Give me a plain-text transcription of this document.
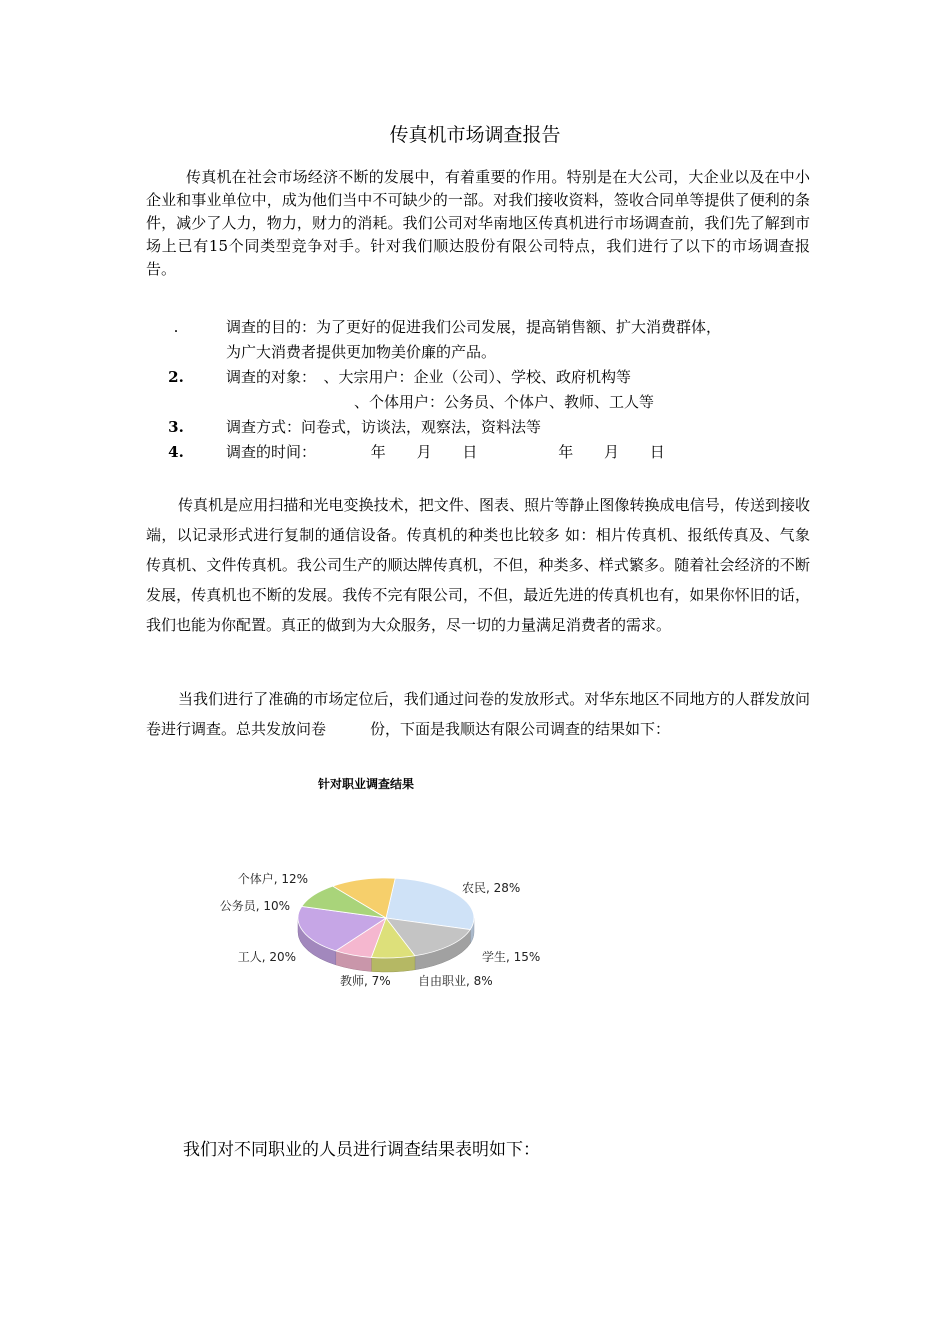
传真机市场调查报告
传真机在社会市场经济不断的发展中，有着重要的作用。特别是在大公司，大企业以及在中小企业和事业单位中，成为他们当中不可缺少的一部。对我们接收资料，签收合同单等提供了便利的条件，减少了人力，物力，财力的消耗。我们公司对华南地区传真机进行市场调查前，我们先了解到市场上已有15个同类型竞争对手。针对我们顺达股份有限公司特点，我们进行了以下的市场调查报告。
.	调查的目的：为了更好的促进我们公司发展，提高销售额、扩大消费群体，
为广大消费者提供更加物美价廉的产品。
2.	调查的对象：　、大宗用户：企业（公司）、学校、政府机构等
、个体用户：公务员、个体户、教师、工人等
3.	调查方式：问卷式，访谈法，观察法，资料法等
4.	调查的时间：	年 月 日	年 月 日
传真机是应用扫描和光电变换技术，把文件、图表、照片等静止图像转换成电信号，传送到接收端，以记录形式进行复制的通信设备。传真机的种类也比较多 如：相片传真机、报纸传真及、气象传真机、文件传真机。我公司生产的顺达牌传真机，不但，种类多、样式繁多。随着社会经济的不断发展，传真机也不断的发展。我传不完有限公司，不但，最近先进的传真机也有，如果你怀旧的话，我们也能为你配置。真正的做到为大众服务，尽一切的力量满足消费者的需求。
当我们进行了准确的市场定位后，我们通过问卷的发放形式。对华东地区不同地方的人群发放问卷进行调查。总共发放问卷	份，下面是我顺达有限公司调查的结果如下：
针对职业调查结果
农民, 28%
学生, 15%
自由职业, 8%
教师, 7%
工人, 20%
公务员, 10%
个体户, 12%
我们对不同职业的人员进行调查结果表明如下：
